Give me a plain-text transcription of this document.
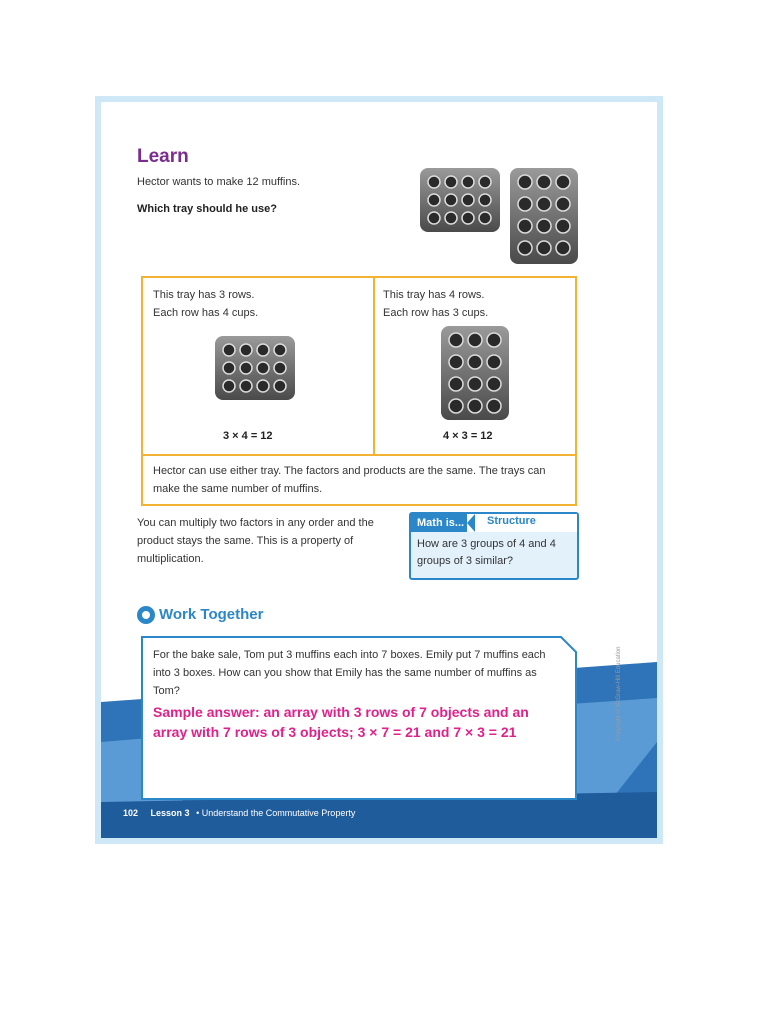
Learn
Hector wants to make 12 muffins.
Which tray should he use?
This tray has 3 rows.
Each row has 4 cups.
3 × 4 = 12
This tray has 4 rows.
Each row has 3 cups.
4 × 3 = 12
Hector can use either tray. The factors and products are the same. The trays can make the same number of muffins.
You can multiply two factors in any order and the product stays the same. This is a property of multiplication.
Math is... Structure
How are 3 groups of 4 and 4 groups of 3 similar?
Work Together
For the bake sale, Tom put 3 muffins each into 7 boxes. Emily put 7 muffins each into 3 boxes. How can you show that Emily has the same number of muffins as Tom?
Sample answer: an array with 3 rows of 7 objects and an array with 7 rows of 3 objects; 3 × 7 = 21 and 7 × 3 = 21	Copyright © McGraw-Hill Education
102 Lesson 3 • Understand the Commutative Property
